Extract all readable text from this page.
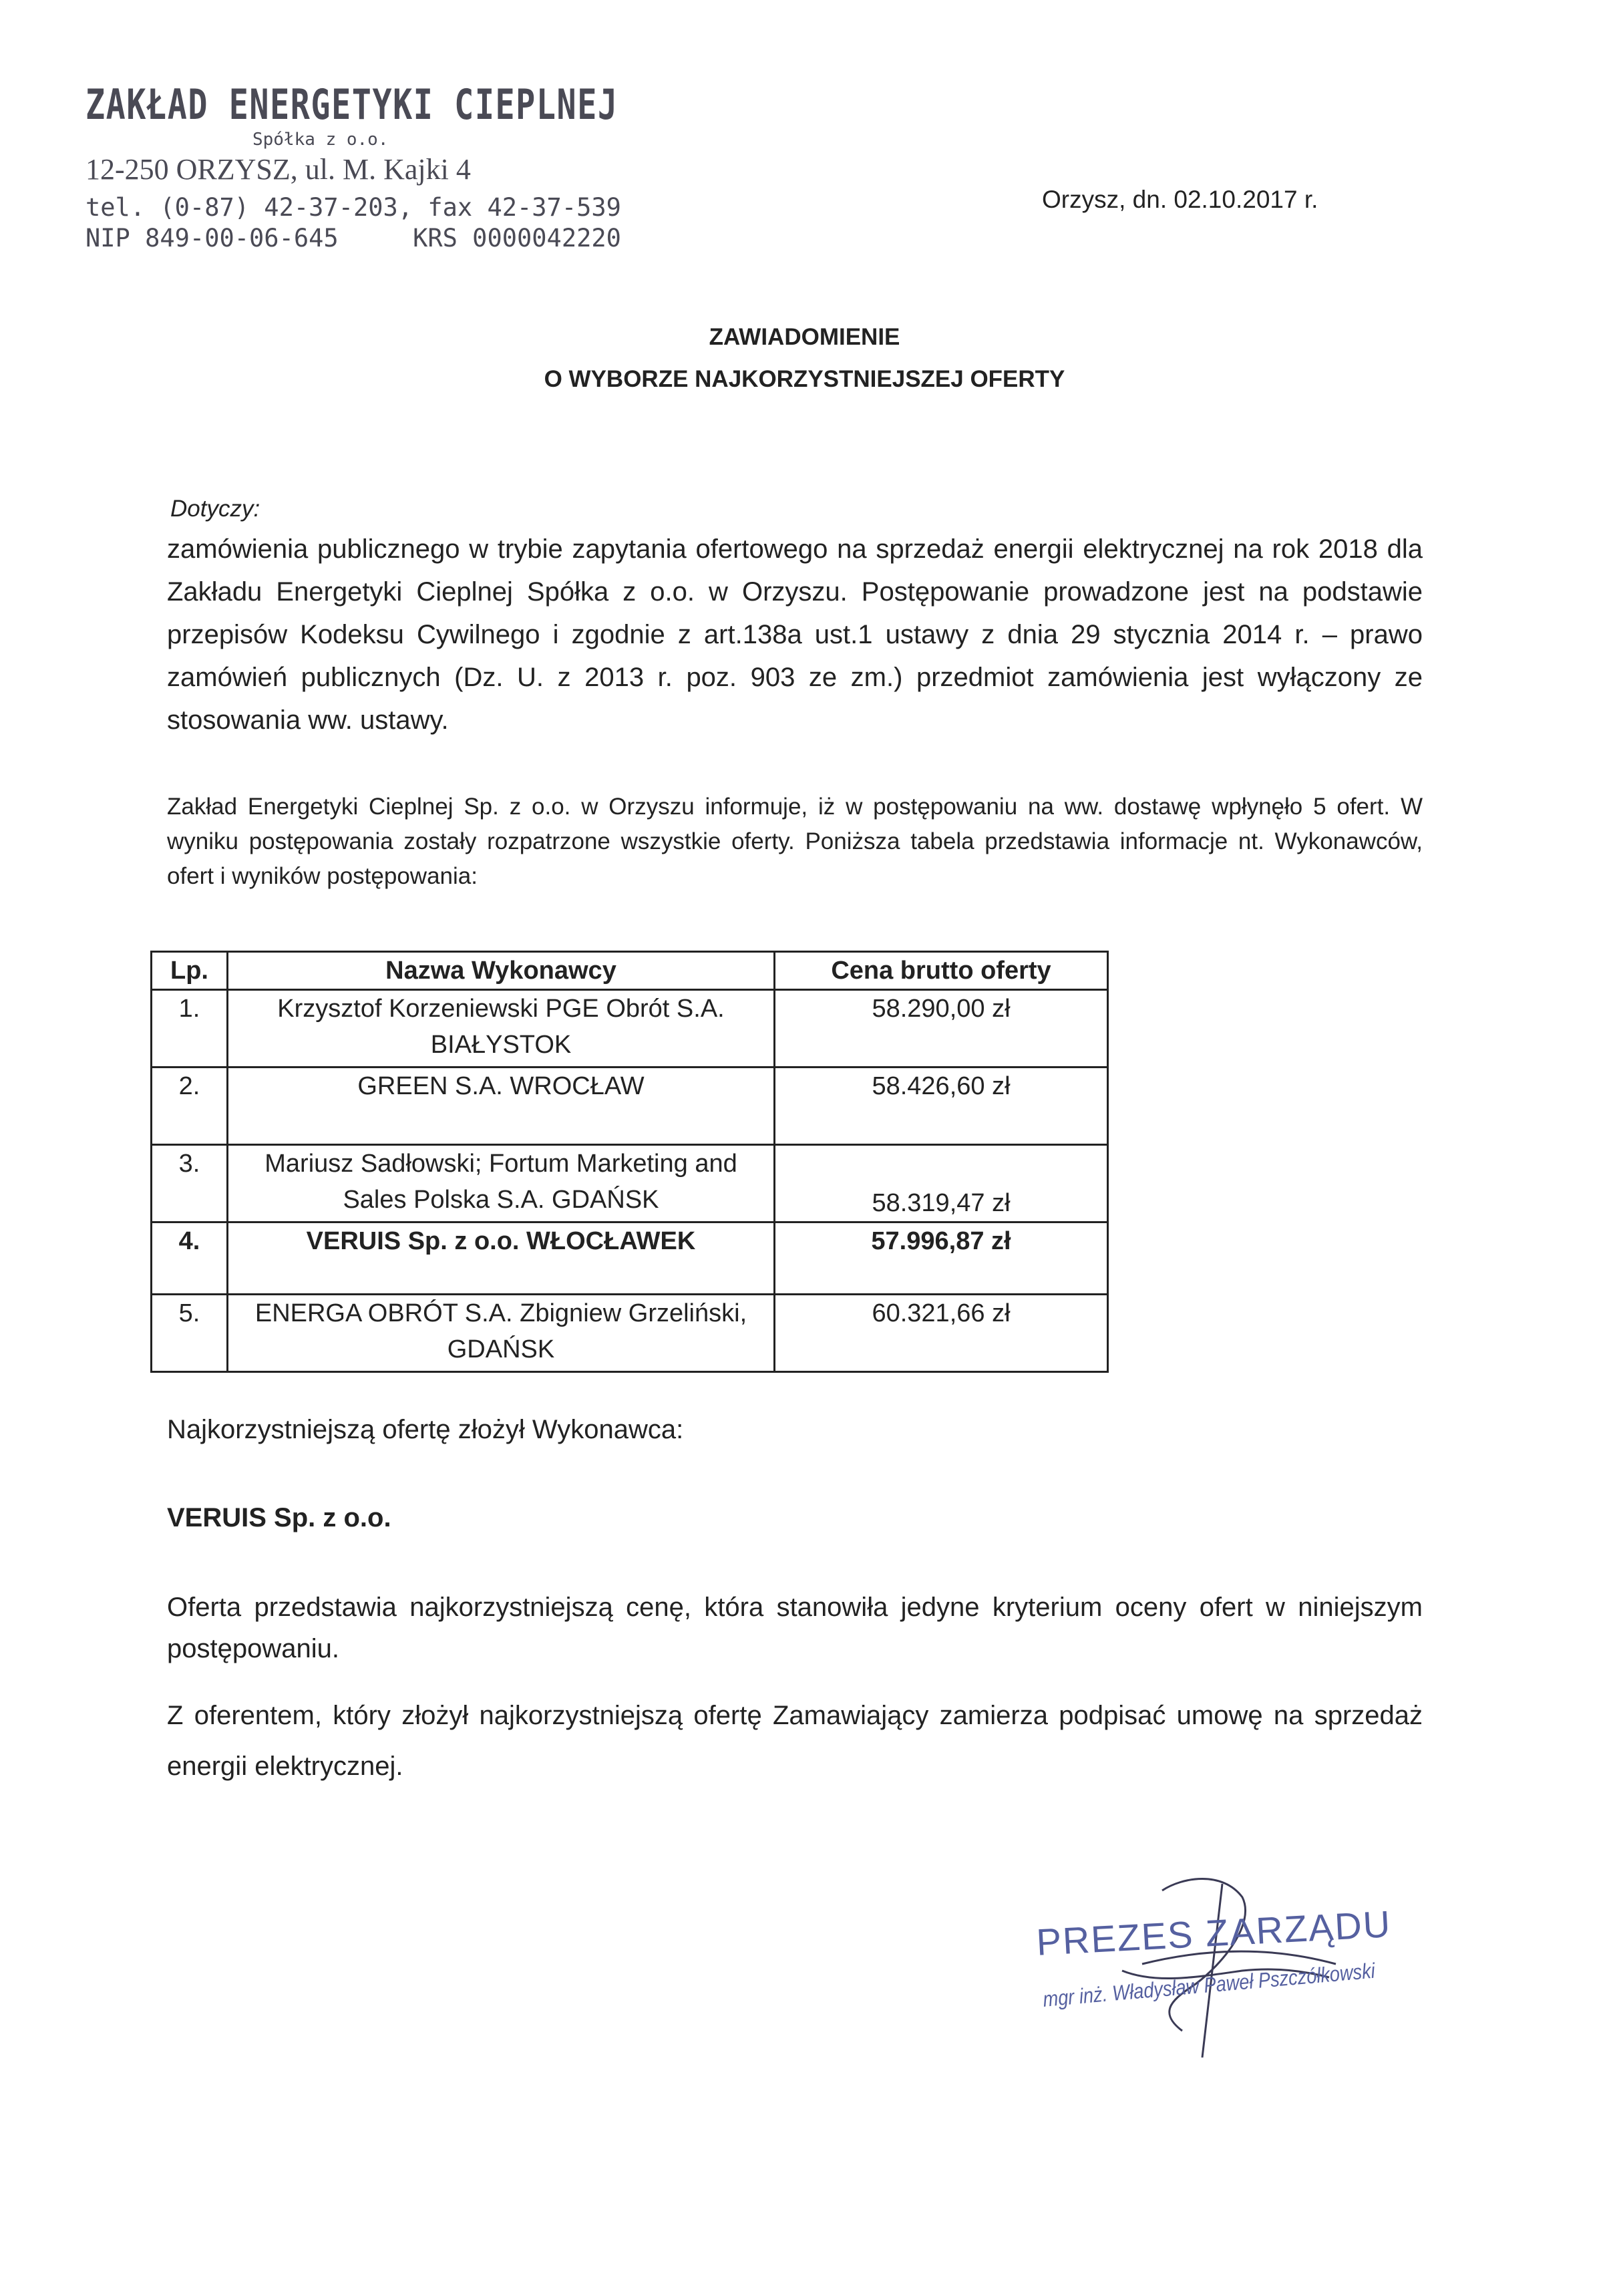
ZAKŁAD ENERGETYKI CIEPLNEJ
Spółka z o.o.
12-250 ORZYSZ, ul. M. Kajki 4
tel. (0-87) 42-37-203, fax 42-37-539
NIP 849-00-06-645     KRS 0000042220
Orzysz, dn. 02.10.2017 r.
ZAWIADOMIENIE
O WYBORZE NAJKORZYSTNIEJSZEJ OFERTY
Dotyczy:
zamówienia publicznego w trybie zapytania ofertowego na sprzedaż energii elektrycznej na rok 2018 dla Zakładu Energetyki Cieplnej Spółka z o.o. w Orzyszu. Postępowanie prowadzone jest na podstawie przepisów Kodeksu Cywilnego i zgodnie z art.138a ust.1 ustawy z dnia 29 stycznia 2014 r. – prawo zamówień publicznych (Dz. U. z 2013 r. poz. 903 ze zm.) przedmiot zamówienia jest wyłączony ze stosowania ww. ustawy.
Zakład Energetyki Cieplnej Sp. z o.o. w Orzyszu informuje, iż w postępowaniu na ww. dostawę wpłynęło 5 ofert. W wyniku postępowania zostały rozpatrzone wszystkie oferty. Poniższa tabela przedstawia informacje nt. Wykonawców, ofert i wyników postępowania:
Lp.	Nazwa Wykonawcy	Cena brutto oferty
1.	Krzysztof Korzeniewski PGE Obrót S.A. BIAŁYSTOK	58.290,00 zł
2.	GREEN S.A. WROCŁAW	58.426,60 zł
3.	Mariusz Sadłowski; Fortum Marketing and Sales Polska S.A. GDAŃSK	58.319,47 zł
4.	VERUIS Sp. z o.o. WŁOCŁAWEK	57.996,87 zł
5.	ENERGA OBRÓT S.A. Zbigniew Grzeliński, GDAŃSK	60.321,66 zł
Najkorzystniejszą ofertę złożył Wykonawca:
VERUIS Sp. z o.o.
Oferta przedstawia najkorzystniejszą cenę, która stanowiła jedyne kryterium oceny ofert w niniejszym postępowaniu.
Z oferentem, który złożył najkorzystniejszą ofertę Zamawiający zamierza podpisać umowę na sprzedaż energii elektrycznej.
PREZES ZARZĄDU
mgr inż. Władysław Paweł Pszczółkowski
